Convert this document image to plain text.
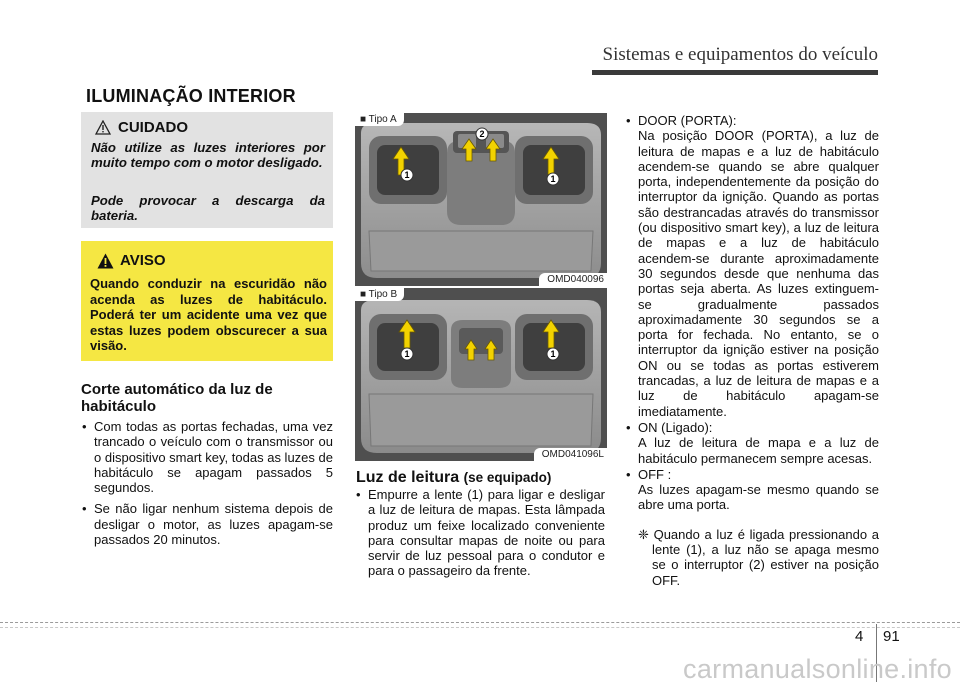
Sistemas e equipamentos do veículo
ILUMINAÇÃO INTERIOR
CUIDADO

Não utilize as luzes interiores por muito tempo com o motor desligado.

Pode provocar a descarga da bateria.

AVISO

Quando conduzir na escuridão não acenda as luzes de habitáculo. Poderá ter um acidente uma vez que estas luzes podem obscurecer a sua visão.

Corte automático da luz de habitáculo
• Com todas as portas fechadas, uma vez trancado o veículo com o transmissor ou o dispositivo smart key, todas as luzes de habitáculo se apagam passados 5 segundos.
• Se não ligar nenhum sistema depois de desligar o motor, as luzes apagam-se passados 20 minutos.
1
2
1
■ Tipo A
OMD040096
1	1
■ Tipo B
OMD041096L
Luz de leitura (se equipado)
• Empurre a lente (1) para ligar e desligar a luz de leitura de mapas. Esta lâmpada produz um feixe localizado conveniente para consultar mapas de noite ou para servir de luz pessoal para o condutor e para o passageiro da frente.
• DOOR (PORTA):
Na posição DOOR (PORTA), a luz de leitura de mapas e a luz de habitáculo acendem-se quando se abre qualquer porta, independentemente da posição do interruptor da ignição. Quando as portas são destrancadas através do transmissor (ou dispositivo smart key), a luz de leitura de mapas e a luz de habitáculo acendem-se durante aproximadamente 30 segundos desde que nenhuma das portas seja aberta. As luzes extinguem-se gradualmente passados aproximadamente 30 segundos se a porta for fechada. No entanto, se o interruptor da ignição estiver na posição ON ou se todas as portas estiverem trancadas, a luz de leitura de mapas e a luz de habitáculo apagam-se imediatamente.
• ON (Ligado):
A luz de leitura de mapa e a luz de habitáculo permanecem sempre acesas.
• OFF :
As luzes apagam-se mesmo quando se abre uma porta.
❈ Quando a luz é ligada pressionando a lente (1), a luz não se apaga mesmo se o interruptor (2) estiver na posição OFF.
4 91
carmanualsonline.info
